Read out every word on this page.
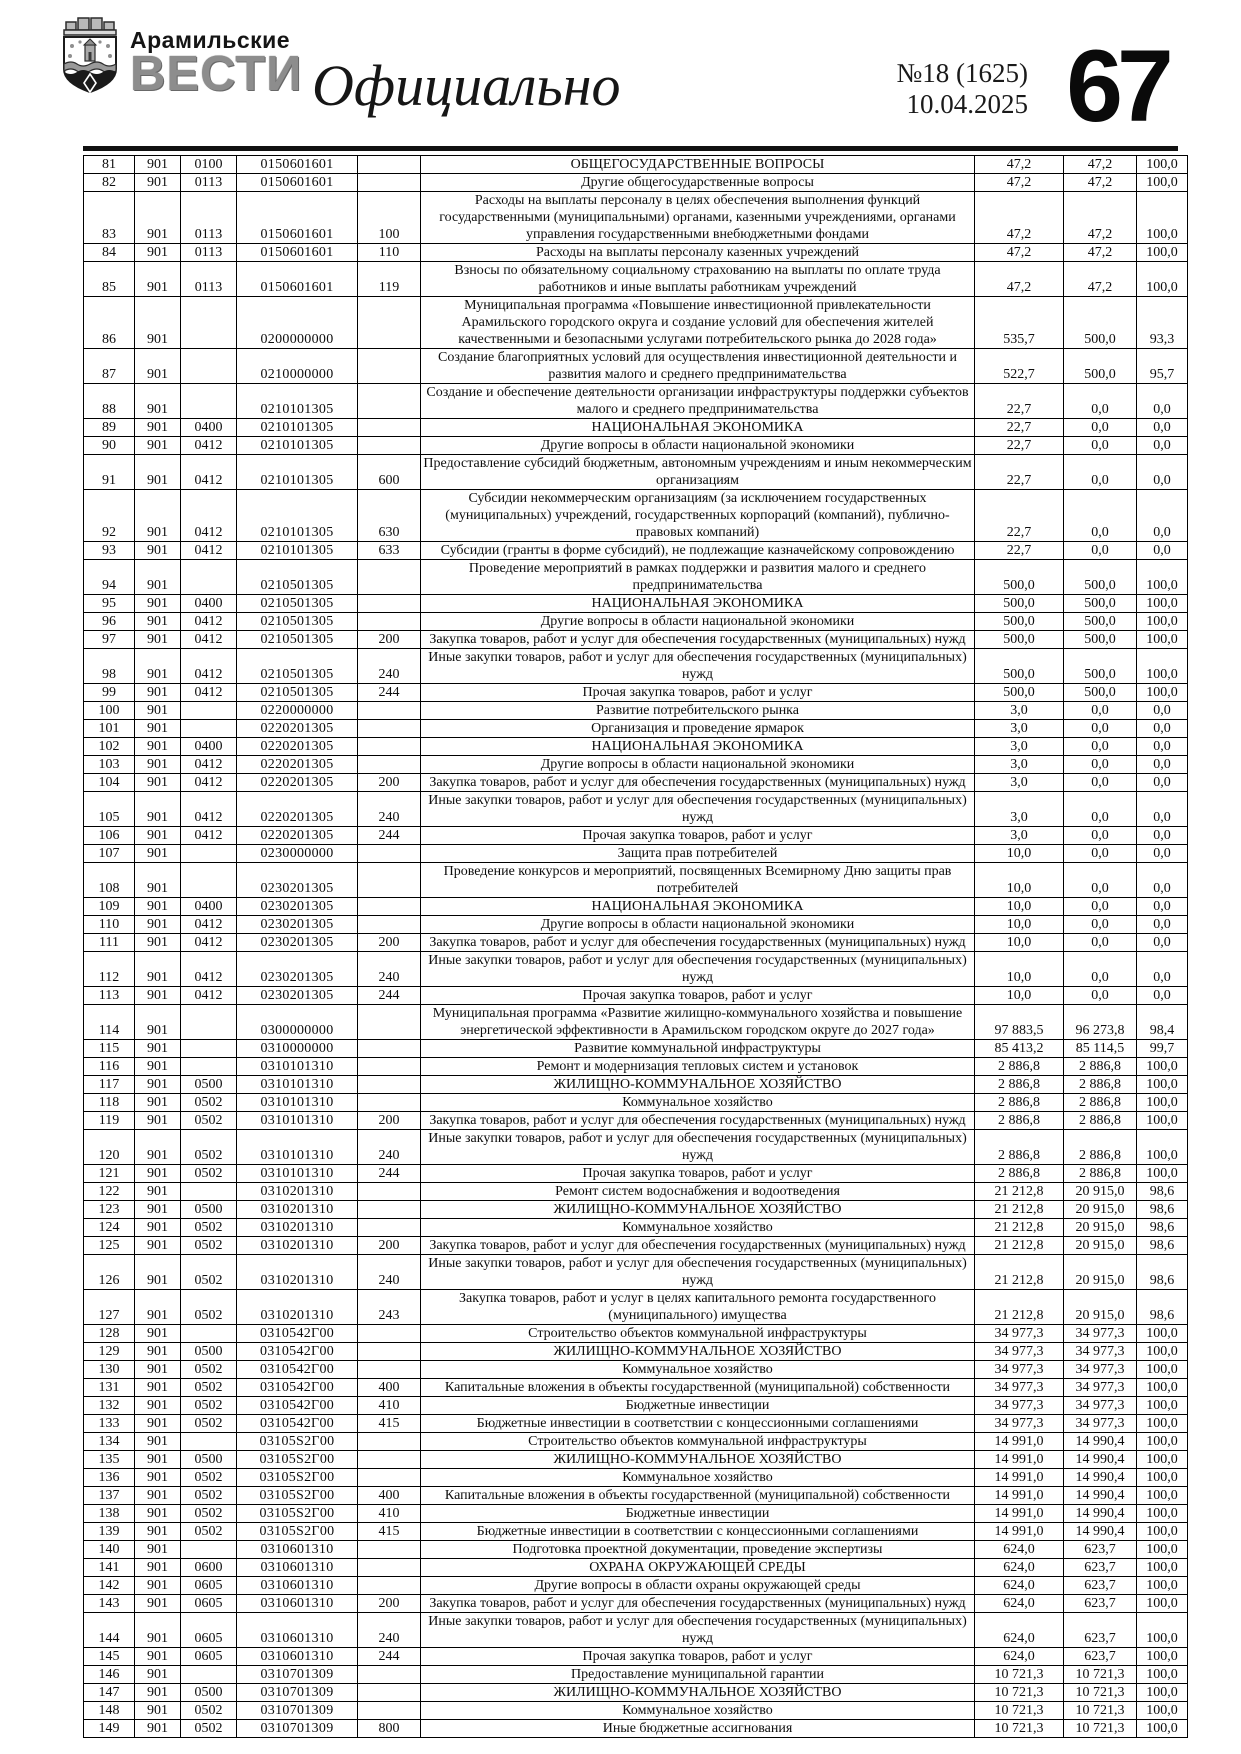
Арамильские
ВЕСТИ Официально	№18 (1625)
10.04.2025 67
81	901	0100	0150601601		ОБЩЕГОСУДАРСТВЕННЫЕ ВОПРОСЫ	47,2	47,2	100,0
82	901	0113	0150601601		Другие общегосударственные вопросы	47,2	47,2	100,0
83	901	0113	0150601601	100	Расходы на выплаты персоналу в целях обеспечения выполнения функций государственными (муниципальными) органами, казенными учреждениями, органами управления государственными внебюджетными фондами	47,2	47,2	100,0
84	901	0113	0150601601	110	Расходы на выплаты персоналу казенных учреждений	47,2	47,2	100,0
85	901	0113	0150601601	119	Взносы по обязательному социальному страхованию на выплаты по оплате труда работников и иные выплаты работникам учреждений	47,2	47,2	100,0
86	901		0200000000		Муниципальная программа «Повышение инвестиционной привлекательности Арамильского городского округа и создание условий для обеспечения жителей качественными и безопасными услугами потребительского рынка до 2028 года»	535,7	500,0	93,3
87	901		0210000000		Создание благоприятных условий для осуществления инвестиционной деятельности и развития малого и среднего предпринимательства	522,7	500,0	95,7
88	901		0210101305		Создание и обеспечение деятельности организации инфраструктуры поддержки субъектов малого и среднего предпринимательства	22,7	0,0	0,0
89	901	0400	0210101305		НАЦИОНАЛЬНАЯ ЭКОНОМИКА	22,7	0,0	0,0
90	901	0412	0210101305		Другие вопросы в области национальной экономики	22,7	0,0	0,0
91	901	0412	0210101305	600	Предоставление субсидий бюджетным, автономным учреждениям и иным некоммерческим организациям	22,7	0,0	0,0
92	901	0412	0210101305	630	Субсидии некоммерческим организациям (за исключением государственных (муниципальных) учреждений, государственных корпораций (компаний), публично-правовых компаний)	22,7	0,0	0,0
93	901	0412	0210101305	633	Субсидии (гранты в форме субсидий), не подлежащие казначейскому сопровождению	22,7	0,0	0,0
94	901		0210501305		Проведение мероприятий в рамках поддержки и развития малого и среднего предпринимательства	500,0	500,0	100,0
95	901	0400	0210501305		НАЦИОНАЛЬНАЯ ЭКОНОМИКА	500,0	500,0	100,0
96	901	0412	0210501305		Другие вопросы в области национальной экономики	500,0	500,0	100,0
97	901	0412	0210501305	200	Закупка товаров, работ и услуг для обеспечения государственных (муниципальных) нужд	500,0	500,0	100,0
98	901	0412	0210501305	240	Иные закупки товаров, работ и услуг для обеспечения государственных (муниципальных) нужд	500,0	500,0	100,0
99	901	0412	0210501305	244	Прочая закупка товаров, работ и услуг	500,0	500,0	100,0
100	901		0220000000		Развитие потребительского рынка	3,0	0,0	0,0
101	901		0220201305		Организация и проведение ярмарок	3,0	0,0	0,0
102	901	0400	0220201305		НАЦИОНАЛЬНАЯ ЭКОНОМИКА	3,0	0,0	0,0
103	901	0412	0220201305		Другие вопросы в области национальной экономики	3,0	0,0	0,0
104	901	0412	0220201305	200	Закупка товаров, работ и услуг для обеспечения государственных (муниципальных) нужд	3,0	0,0	0,0
105	901	0412	0220201305	240	Иные закупки товаров, работ и услуг для обеспечения государственных (муниципальных) нужд	3,0	0,0	0,0
106	901	0412	0220201305	244	Прочая закупка товаров, работ и услуг	3,0	0,0	0,0
107	901		0230000000		Защита прав потребителей	10,0	0,0	0,0
108	901		0230201305		Проведение конкурсов и мероприятий, посвященных Всемирному Дню защиты прав потребителей	10,0	0,0	0,0
109	901	0400	0230201305		НАЦИОНАЛЬНАЯ ЭКОНОМИКА	10,0	0,0	0,0
110	901	0412	0230201305		Другие вопросы в области национальной экономики	10,0	0,0	0,0
111	901	0412	0230201305	200	Закупка товаров, работ и услуг для обеспечения государственных (муниципальных) нужд	10,0	0,0	0,0
112	901	0412	0230201305	240	Иные закупки товаров, работ и услуг для обеспечения государственных (муниципальных) нужд	10,0	0,0	0,0
113	901	0412	0230201305	244	Прочая закупка товаров, работ и услуг	10,0	0,0	0,0
114	901		0300000000		Муниципальная программа «Развитие жилищно-коммунального хозяйства и повышение энергетической эффективности в Арамильском городском округе до 2027 года»	97 883,5	96 273,8	98,4
115	901		0310000000		Развитие коммунальной инфраструктуры	85 413,2	85 114,5	99,7
116	901		0310101310		Ремонт и модернизация тепловых систем и установок	2 886,8	2 886,8	100,0
117	901	0500	0310101310		ЖИЛИЩНО-КОММУНАЛЬНОЕ ХОЗЯЙСТВО	2 886,8	2 886,8	100,0
118	901	0502	0310101310		Коммунальное хозяйство	2 886,8	2 886,8	100,0
119	901	0502	0310101310	200	Закупка товаров, работ и услуг для обеспечения государственных (муниципальных) нужд	2 886,8	2 886,8	100,0
120	901	0502	0310101310	240	Иные закупки товаров, работ и услуг для обеспечения государственных (муниципальных) нужд	2 886,8	2 886,8	100,0
121	901	0502	0310101310	244	Прочая закупка товаров, работ и услуг	2 886,8	2 886,8	100,0
122	901		0310201310		Ремонт систем водоснабжения и водоотведения	21 212,8	20 915,0	98,6
123	901	0500	0310201310		ЖИЛИЩНО-КОММУНАЛЬНОЕ ХОЗЯЙСТВО	21 212,8	20 915,0	98,6
124	901	0502	0310201310		Коммунальное хозяйство	21 212,8	20 915,0	98,6
125	901	0502	0310201310	200	Закупка товаров, работ и услуг для обеспечения государственных (муниципальных) нужд	21 212,8	20 915,0	98,6
126	901	0502	0310201310	240	Иные закупки товаров, работ и услуг для обеспечения государственных (муниципальных) нужд	21 212,8	20 915,0	98,6
127	901	0502	0310201310	243	Закупка товаров, работ и услуг в целях капитального ремонта государственного (муниципального) имущества	21 212,8	20 915,0	98,6
128	901		0310542Г00		Строительство объектов коммунальной инфраструктуры	34 977,3	34 977,3	100,0
129	901	0500	0310542Г00		ЖИЛИЩНО-КОММУНАЛЬНОЕ ХОЗЯЙСТВО	34 977,3	34 977,3	100,0
130	901	0502	0310542Г00		Коммунальное хозяйство	34 977,3	34 977,3	100,0
131	901	0502	0310542Г00	400	Капитальные вложения в объекты государственной (муниципальной) собственности	34 977,3	34 977,3	100,0
132	901	0502	0310542Г00	410	Бюджетные инвестиции	34 977,3	34 977,3	100,0
133	901	0502	0310542Г00	415	Бюджетные инвестиции в соответствии с концессионными соглашениями	34 977,3	34 977,3	100,0
134	901		03105S2Г00		Строительство объектов коммунальной инфраструктуры	14 991,0	14 990,4	100,0
135	901	0500	03105S2Г00		ЖИЛИЩНО-КОММУНАЛЬНОЕ ХОЗЯЙСТВО	14 991,0	14 990,4	100,0
136	901	0502	03105S2Г00		Коммунальное хозяйство	14 991,0	14 990,4	100,0
137	901	0502	03105S2Г00	400	Капитальные вложения в объекты государственной (муниципальной) собственности	14 991,0	14 990,4	100,0
138	901	0502	03105S2Г00	410	Бюджетные инвестиции	14 991,0	14 990,4	100,0
139	901	0502	03105S2Г00	415	Бюджетные инвестиции в соответствии с концессионными соглашениями	14 991,0	14 990,4	100,0
140	901		0310601310		Подготовка проектной документации, проведение экспертизы	624,0	623,7	100,0
141	901	0600	0310601310		ОХРАНА ОКРУЖАЮЩЕЙ СРЕДЫ	624,0	623,7	100,0
142	901	0605	0310601310		Другие вопросы в области охраны окружающей среды	624,0	623,7	100,0
143	901	0605	0310601310	200	Закупка товаров, работ и услуг для обеспечения государственных (муниципальных) нужд	624,0	623,7	100,0
144	901	0605	0310601310	240	Иные закупки товаров, работ и услуг для обеспечения государственных (муниципальных) нужд	624,0	623,7	100,0
145	901	0605	0310601310	244	Прочая закупка товаров, работ и услуг	624,0	623,7	100,0
146	901		0310701309		Предоставление муниципальной гарантии	10 721,3	10 721,3	100,0
147	901	0500	0310701309		ЖИЛИЩНО-КОММУНАЛЬНОЕ ХОЗЯЙСТВО	10 721,3	10 721,3	100,0
148	901	0502	0310701309		Коммунальное хозяйство	10 721,3	10 721,3	100,0
149	901	0502	0310701309	800	Иные бюджетные ассигнования	10 721,3	10 721,3	100,0
